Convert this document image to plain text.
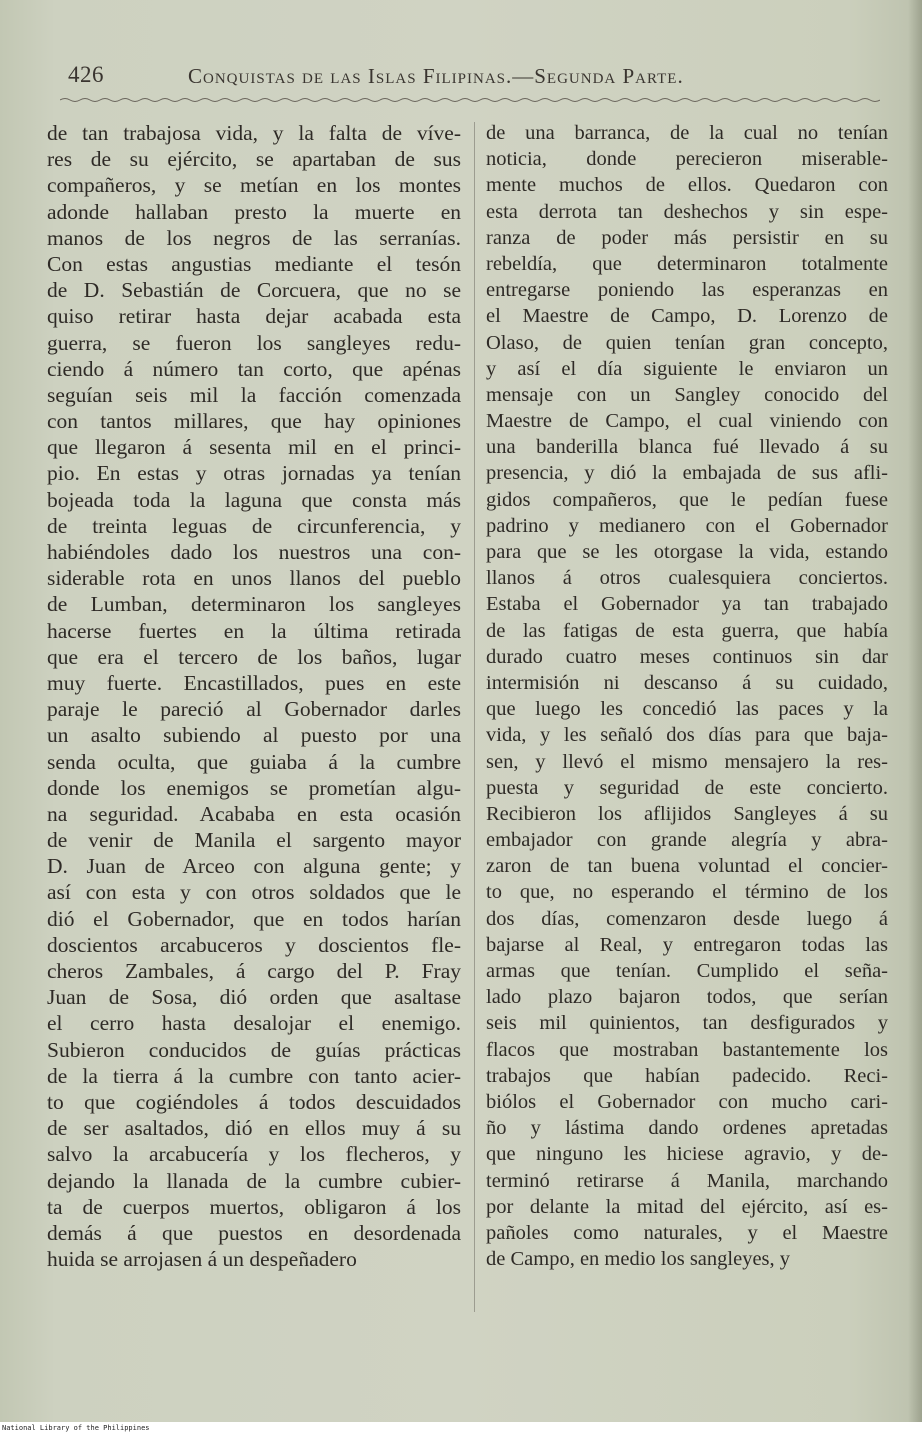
426	Conquistas de las Islas Filipinas.—Segunda Parte.
de tan trabajosa vida, y la falta de víve-
res de su ejército, se apartaban de sus
compañeros, y se metían en los montes
adonde hallaban presto la muerte en
manos de los negros de las serranías.
Con estas angustias mediante el tesón
de D. Sebastián de Corcuera, que no se
quiso retirar hasta dejar acabada esta
guerra, se fueron los sangleyes redu-
ciendo á número tan corto, que apénas
seguían seis mil la facción comenzada
con tantos millares, que hay opiniones
que llegaron á sesenta mil en el princi-
pio. En estas y otras jornadas ya tenían
bojeada toda la laguna que consta más
de treinta leguas de circunferencia, y
habiéndoles dado los nuestros una con-
siderable rota en unos llanos del pueblo
de Lumban, determinaron los sangleyes
hacerse fuertes en la última retirada
que era el tercero de los baños, lugar
muy fuerte. Encastillados, pues en este
paraje le pareció al Gobernador darles
un asalto subiendo al puesto por una
senda oculta, que guiaba á la cumbre
donde los enemigos se prometían algu-
na seguridad. Acababa en esta ocasión
de venir de Manila el sargento mayor
D. Juan de Arceo con alguna gente; y
así con esta y con otros soldados que le
dió el Gobernador, que en todos harían
doscientos arcabuceros y doscientos fle-
cheros Zambales, á cargo del P. Fray
Juan de Sosa, dió orden que asaltase
el cerro hasta desalojar el enemigo.
Subieron conducidos de guías prácticas
de la tierra á la cumbre con tanto acier-
to que cogiéndoles á todos descuidados
de ser asaltados, dió en ellos muy á su
salvo la arcabucería y los flecheros, y
dejando la llanada de la cumbre cubier-
ta de cuerpos muertos, obligaron á los
demás á que puestos en desordenada
huida se arrojasen á un despeñadero
de una barranca, de la cual no tenían
noticia, donde perecieron miserable-
mente muchos de ellos. Quedaron con
esta derrota tan deshechos y sin espe-
ranza de poder más persistir en su
rebeldía, que determinaron totalmente
entregarse poniendo las esperanzas en
el Maestre de Campo, D. Lorenzo de
Olaso, de quien tenían gran concepto,
y así el día siguiente le enviaron un
mensaje con un Sangley conocido del
Maestre de Campo, el cual viniendo con
una banderilla blanca fué llevado á su
presencia, y dió la embajada de sus afli-
gidos compañeros, que le pedían fuese
padrino y medianero con el Gobernador
para que se les otorgase la vida, estando
llanos á otros cualesquiera conciertos.
Estaba el Gobernador ya tan trabajado
de las fatigas de esta guerra, que había
durado cuatro meses continuos sin dar
intermisión ni descanso á su cuidado,
que luego les concedió las paces y la
vida, y les señaló dos días para que baja-
sen, y llevó el mismo mensajero la res-
puesta y seguridad de este concierto.
Recibieron los aflijidos Sangleyes á su
embajador con grande alegría y abra-
zaron de tan buena voluntad el concier-
to que, no esperando el término de los
dos días, comenzaron desde luego á
bajarse al Real, y entregaron todas las
armas que tenían. Cumplido el seña-
lado plazo bajaron todos, que serían
seis mil quinientos, tan desfigurados y
flacos que mostraban bastantemente los
trabajos que habían padecido. Reci-
biólos el Gobernador con mucho cari-
ño y lástima dando ordenes apretadas
que ninguno les hiciese agravio, y de-
terminó retirarse á Manila, marchando
por delante la mitad del ejército, así es-
pañoles como naturales, y el Maestre
de Campo, en medio los sangleyes, y
National Library of the Philippines
